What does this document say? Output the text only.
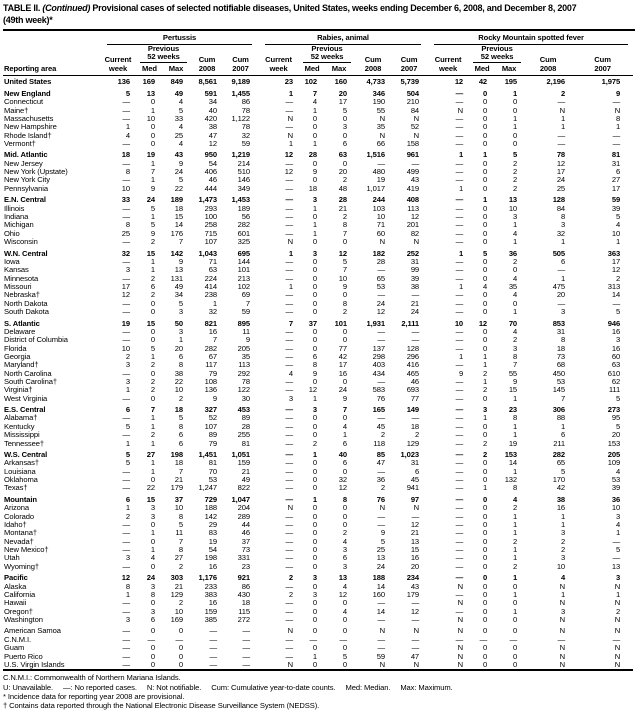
TABLE II. (Continued) Provisional cases of selected notifiable diseases, United States, weeks ending December 6, 2008, and December 8, 2007
(49th week)*
Reporting area	Pertussis					Rabies, animal					Rocky Mountain spotted fever				

	Current
week	Previous
52 weeks		Cum
2008	Cum
2007	Current
week	Previous
52 weeks		Cum
2008	Cum
2007	Current
week	Previous
52 weeks		Cum
2008	Cum
2007
		Med	Max				Med	Max				Med	Max		
United States	136	169	849	8,561	9,189	23	102	160	4,733	5,739	12	42	195	2,196	1,975
New England	5	13	49	591	1,455	1	7	20	346	504	—	0	1	2	9
Connecticut	—	0	4	34	86	—	4	17	190	210	—	0	0	—	—
Maine†	—	1	5	40	78	—	1	5	55	84	N	0	0	N	N
Massachusetts	—	10	33	420	1,122	N	0	0	N	N	—	0	1	1	8
New Hampshire	1	0	4	38	78	—	0	3	35	52	—	0	1	1	1
Rhode Island†	4	0	25	47	32	N	0	0	N	N	—	0	0	—	—
Vermont†	—	0	4	12	59	1	1	6	66	158	—	0	0	—	—
Mid. Atlantic	18	19	43	950	1,219	12	28	63	1,516	961	1	1	5	78	81
New Jersey	—	1	9	54	214	—	0	0	—	—	—	0	2	12	31
New York (Upstate)	8	7	24	406	510	12	9	20	480	499	—	0	2	17	6
New York City	—	1	5	46	146	—	0	2	19	43	—	0	2	24	27
Pennsylvania	10	9	22	444	349	—	18	48	1,017	419	1	0	2	25	17
E.N. Central	33	24	189	1,473	1,453	—	3	28	244	408	—	1	13	128	59
Illinois	—	5	18	293	189	—	1	21	103	113	—	0	10	84	39
Indiana	—	1	15	100	56	—	0	2	10	12	—	0	3	8	5
Michigan	8	5	14	258	282	—	1	8	71	201	—	0	1	3	4
Ohio	25	9	176	715	601	—	1	7	60	82	—	0	4	32	10
Wisconsin	—	2	7	107	325	N	0	0	N	N	—	0	1	1	1
W.N. Central	32	15	142	1,043	695	1	3	12	182	252	1	5	36	505	363
Iowa	—	1	9	71	144	—	0	5	28	31	—	0	2	6	17
Kansas	3	1	13	63	101	—	0	7	—	99	—	0	0	—	12
Minnesota	—	2	131	224	213	—	0	10	65	39	—	0	4	1	2
Missouri	17	6	49	414	102	1	0	9	53	38	1	4	35	475	313
Nebraska†	12	2	34	238	69	—	0	0	—	—	—	0	4	20	14
North Dakota	—	0	5	1	7	—	0	8	24	21	—	0	0	—	—
South Dakota	—	0	3	32	59	—	0	2	12	24	—	0	1	3	5
S. Atlantic	19	15	50	821	895	7	37	101	1,931	2,111	10	12	70	853	946
Delaware	—	0	3	16	11	—	0	0	—	—	—	0	4	31	16
District of Columbia	—	0	1	7	9	—	0	0	—	—	—	0	2	8	3
Florida	10	5	20	282	205	—	0	77	137	128	—	0	3	18	16
Georgia	2	1	6	67	35	—	6	42	298	296	1	1	8	73	60
Maryland†	3	2	8	117	113	—	8	17	403	416	—	1	7	68	63
North Carolina	—	0	38	79	292	4	9	16	434	465	9	2	55	450	610
South Carolina†	3	2	22	108	78	—	0	0	—	46	—	1	9	53	62
Virginia†	1	2	10	136	122	—	12	24	583	693	—	2	15	145	111
West Virginia	—	0	2	9	30	3	1	9	76	77	—	0	1	7	5
E.S. Central	6	7	18	327	453	—	3	7	165	149	—	3	23	306	273
Alabama†	—	1	5	52	89	—	0	0	—	—	—	1	8	88	95
Kentucky	5	1	8	107	28	—	0	4	45	18	—	0	1	1	5
Mississippi	—	2	6	89	255	—	0	1	2	2	—	0	1	6	20
Tennessee†	1	1	6	79	81	—	2	6	118	129	—	2	19	211	153
W.S. Central	5	27	198	1,451	1,051	—	1	40	85	1,023	—	2	153	282	205
Arkansas†	5	1	18	81	159	—	0	6	47	31	—	0	14	65	109
Louisiana	—	1	7	70	21	—	0	0	—	6	—	0	1	5	4
Oklahoma	—	0	21	53	49	—	0	32	36	45	—	0	132	170	53
Texas†	—	22	179	1,247	822	—	0	12	2	941	—	1	8	42	39
Mountain	6	15	37	729	1,047	—	1	8	76	97	—	0	4	38	36
Arizona	1	3	10	188	204	N	0	0	N	N	—	0	2	16	10
Colorado	2	3	8	142	289	—	0	0	—	—	—	0	1	1	3
Idaho†	—	0	5	29	44	—	0	0	—	12	—	0	1	1	4
Montana†	—	1	11	83	46	—	0	2	9	21	—	0	1	3	1
Nevada†	—	0	7	19	37	—	0	4	5	13	—	0	2	2	—
New Mexico†	—	1	8	54	73	—	0	3	25	15	—	0	1	2	5
Utah	3	4	27	198	331	—	0	6	13	16	—	0	1	3	—
Wyoming†	—	0	2	16	23	—	0	3	24	20	—	0	2	10	13
Pacific	12	24	303	1,176	921	2	3	13	188	234	—	0	1	4	3
Alaska	8	3	21	233	86	—	0	4	14	43	N	0	0	N	N
California	1	8	129	383	430	2	3	12	160	179	—	0	1	1	1
Hawaii	—	0	2	16	18	—	0	0	—	—	N	0	0	N	N
Oregon†	—	3	10	159	115	—	0	4	14	12	—	0	1	3	2
Washington	3	6	169	385	272	—	0	0	—	—	N	0	0	N	N
American Samoa	—	0	0	—	—	N	0	0	N	N	N	0	0	N	N
C.N.M.I.	—	—	—	—	—	—	—	—	—	—	—	—	—	—	—
Guam	—	0	0	—	—	—	0	0	—	—	N	0	0	N	N
Puerto Rico	—	0	0	—	—	—	1	5	59	47	N	0	0	N	N
U.S. Virgin Islands	—	0	0	—	—	N	0	0	N	N	N	0	0	N	N
C.N.M.I.: Commonwealth of Northern Mariana Islands.
U: Unavailable. —: No reported cases. N: Not notifiable. Cum: Cumulative year-to-date counts. Med: Median. Max: Maximum.
* Incidence data for reporting year 2008 are provisional.
† Contains data reported through the National Electronic Disease Surveillance System (NEDSS).
